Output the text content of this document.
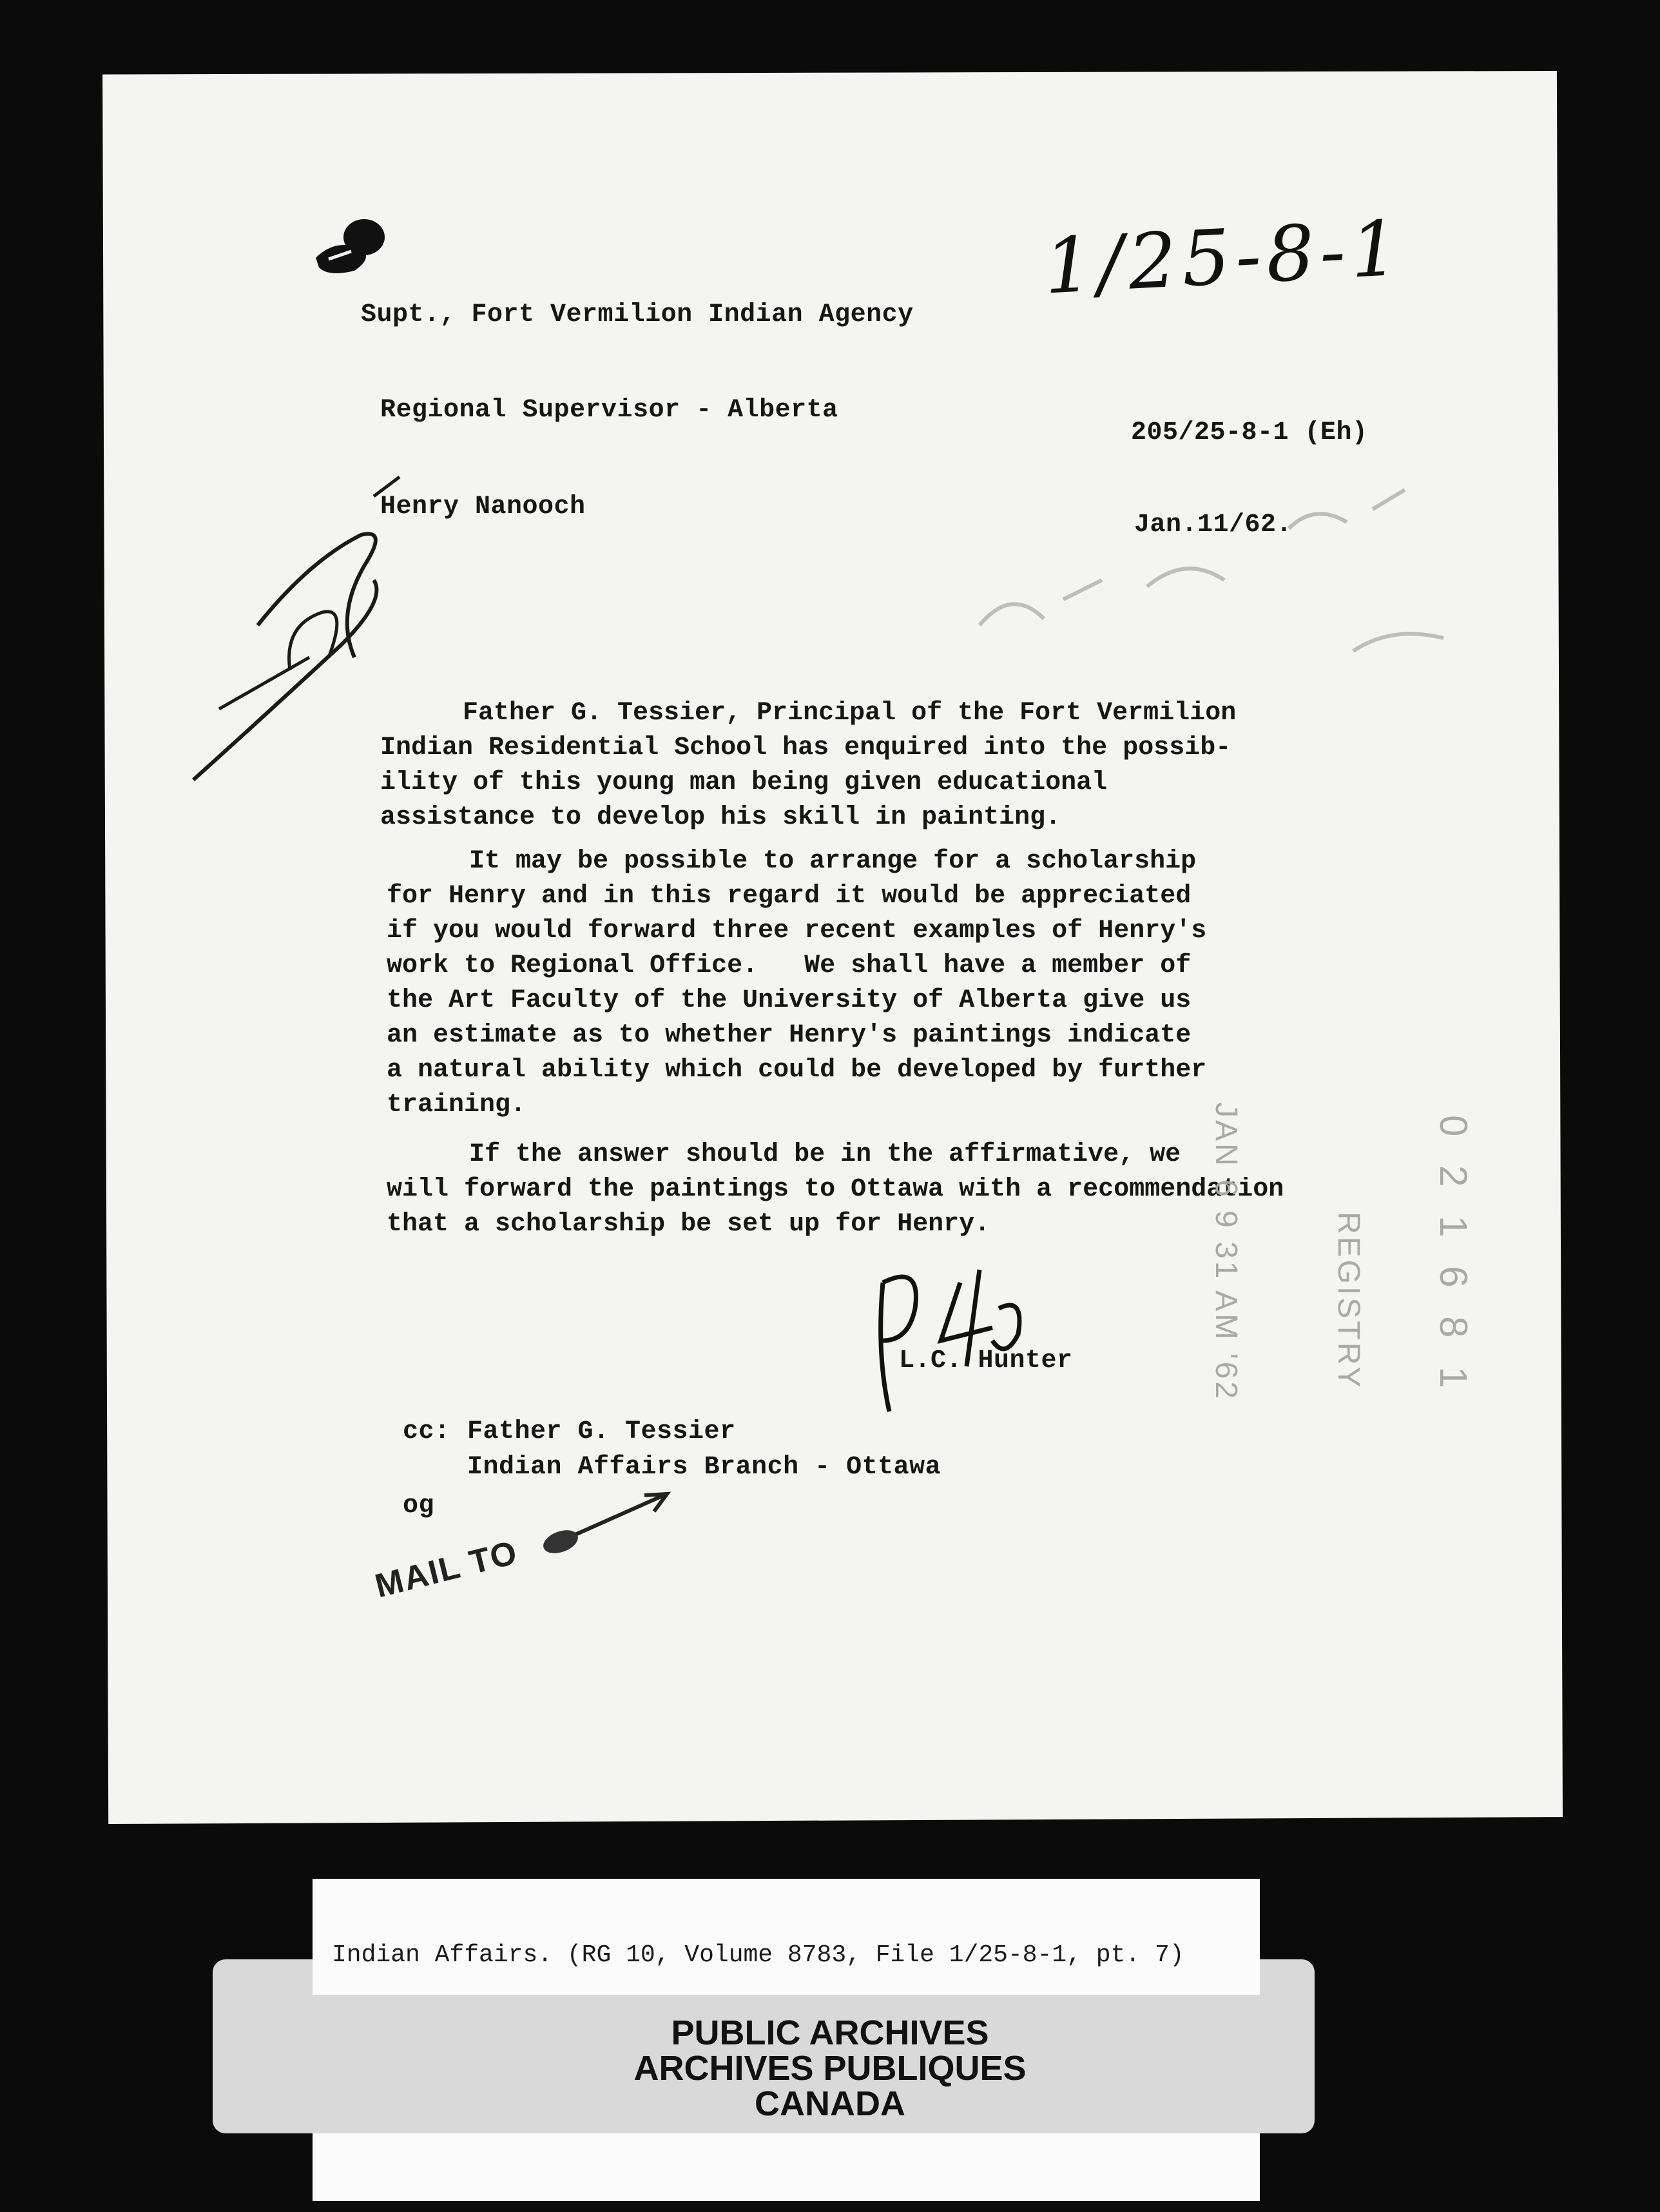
1/25-8-1
Supt., Fort Vermilion Indian Agency
Regional Supervisor - Alberta
205/25-8-1 (Eh)
Henry Nanooch
Jan.11/62.
Father G. Tessier, Principal of the Fort Vermilion
Indian Residential School has enquired into the possib-
ility of this young man being given educational
assistance to develop his skill in painting.
It may be possible to arrange for a scholarship
for Henry and in this regard it would be appreciated
if you would forward three recent examples of Henry's
work to Regional Office.   We shall have a member of
the Art Faculty of the University of Alberta give us
an estimate as to whether Henry's paintings indicate
a natural ability which could be developed by further
training.
If the answer should be in the affirmative, we
will forward the paintings to Ottawa with a recommendation
that a scholarship be set up for Henry.	JAN 6 9 31 AM '62	REGISTRY 0 2 1 6 8 1
L.C. Hunter
cc: Father G. Tessier
Indian Affairs Branch - Ottawa
og
MAIL TO
Indian Affairs. (RG 10, Volume 8783, File 1/25-8-1, pt. 7)
PUBLIC ARCHIVES
ARCHIVES PUBLIQUES
CANADA
